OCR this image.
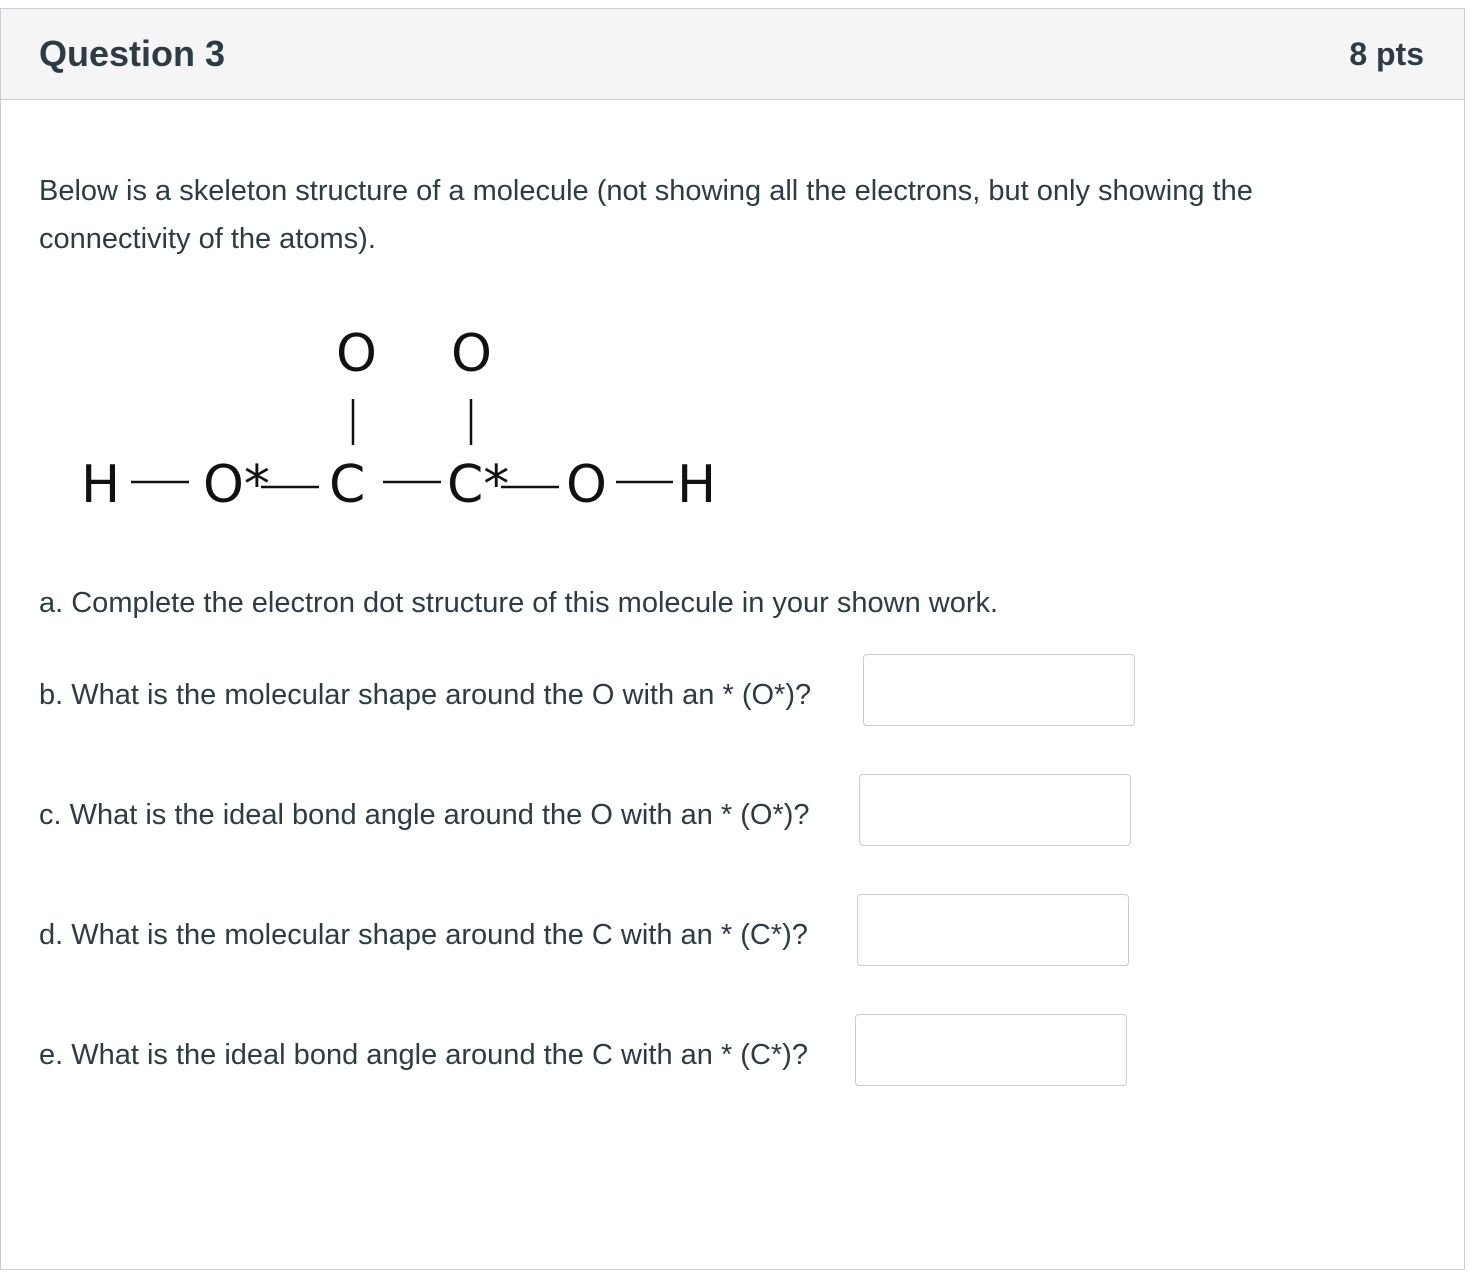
Question 3	8 pts
Below is a skeleton structure of a molecule (not showing all the electrons, but only showing the connectivity of the atoms).
O O
H O* C C* O H
a. Complete the electron dot structure of this molecule in your shown work.
b. What is the molecular shape around the O with an * (O*)?
c. What is the ideal bond angle around the O with an * (O*)?
d. What is the molecular shape around the C with an * (C*)?
e. What is the ideal bond angle around the C with an * (C*)?
